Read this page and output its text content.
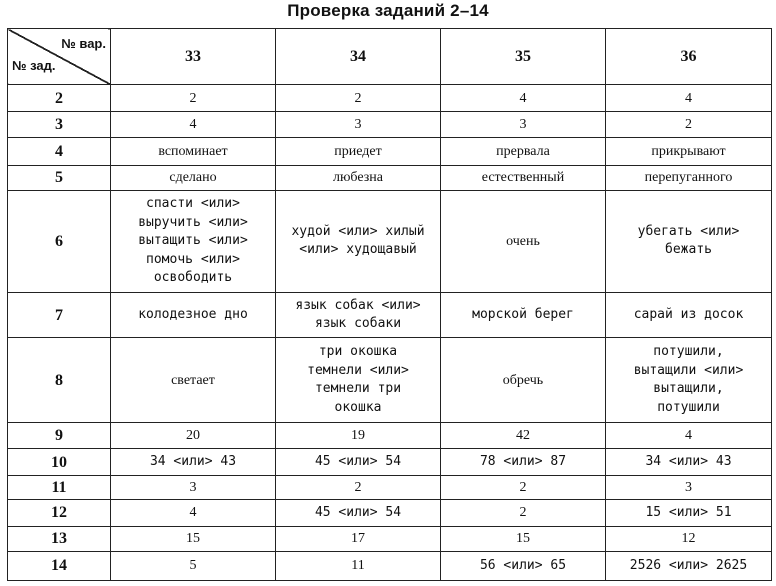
Проверка заданий 2–14
№ вар.
№ зад.	33	34	35	36
2	2	2	4	4

3	4	3	3	2

4	вспоминает	приедет	прервала	прикрывают

5	сделано	любезна	естественный	перепуганного

6	спасти <или>
выручить <или>
вытащить <или>
помочь <или>
освободить	худой <или> хилый
<или> худощавый	очень	убегать <или>
бежать

7	колодезное дно	язык собак <или>
язык собаки	морской берег	сарай из досок

8	светает	три окошка
темнели <или>
темнели три
окошка	обречь	потушили,
вытащили <или>
вытащили,
потушили

9	20	19	42	4

10	34 <или> 43	45 <или> 54	78 <или> 87	34 <или> 43

11	3	2	2	3

12	4	45 <или> 54	2	15 <или> 51

13	15	17	15	12

14	5	11	56 <или> 65	2526 <или> 2625
